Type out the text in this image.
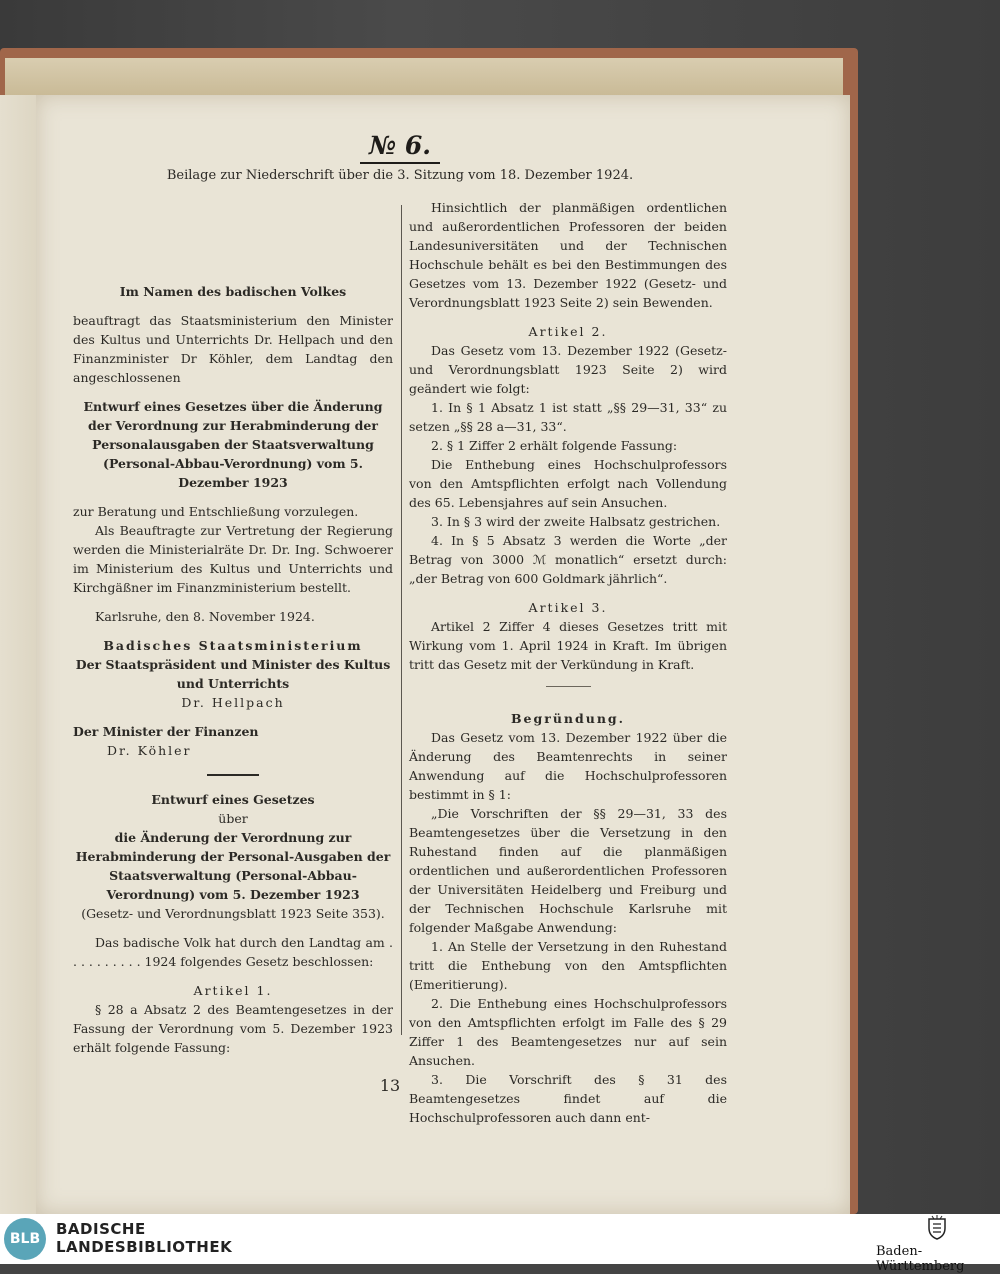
№ 6.
Beilage zur Niederschrift über die 3. Sitzung vom 18. Dezember 1924.

Im Namen des badischen Volkes

beauftragt das Staatsministerium den Minister des Kultus und Unterrichts Dr. Hellpach und den Finanzminister Dr Köhler, dem Landtag den angeschlossenen

Entwurf eines Gesetzes über die Änderung der Verordnung zur Herabminderung der Personalausgaben der Staatsverwaltung (Personal-Abbau-Verordnung) vom 5. Dezember 1923

zur Beratung und Entschließung vorzulegen.

Als Beauftragte zur Vertretung der Regierung werden die Ministerialräte Dr. Dr. Ing. Schwoerer im Ministerium des Kultus und Unterrichts und Kirchgäßner im Finanzministerium bestellt.

Karlsruhe, den 8. November 1924.

Badisches Staatsministerium

Der Staatspräsident und Minister des Kultus und Unterrichts

Dr. Hellpach

Der Minister der Finanzen

Dr. Köhler

Entwurf eines Gesetzes

über

die Änderung der Verordnung zur Herabminderung der Personal-Ausgaben der Staatsverwaltung (Personal-Abbau-Verordnung) vom 5. Dezember 1923

(Gesetz- und Verordnungsblatt 1923 Seite 353).

Das badische Volk hat durch den Landtag am . . . . . . . . . . 1924 folgendes Gesetz beschlossen:

Artikel 1.

§ 28 a Absatz 2 des Beamtengesetzes in der Fassung der Verordnung vom 5. Dezember 1923 erhält folgende Fassung:

Hinsichtlich der planmäßigen ordentlichen und außerordentlichen Professoren der beiden Landesuniversitäten und der Technischen Hochschule behält es bei den Bestimmungen des Gesetzes vom 13. Dezember 1922 (Gesetz- und Verordnungsblatt 1923 Seite 2) sein Bewenden.

Artikel 2.

Das Gesetz vom 13. Dezember 1922 (Gesetz- und Verordnungsblatt 1923 Seite 2) wird geändert wie folgt:

1. In § 1 Absatz 1 ist statt „§§ 29—31, 33“ zu setzen „§§ 28 a—31, 33“.

2. § 1 Ziffer 2 erhält folgende Fassung:

Die Enthebung eines Hochschulprofessors von den Amtspflichten erfolgt nach Vollendung des 65. Lebensjahres auf sein Ansuchen.

3. In § 3 wird der zweite Halbsatz gestrichen.

4. In § 5 Absatz 3 werden die Worte „der Betrag von 3000 ℳ monatlich“ ersetzt durch: „der Betrag von 600 Goldmark jährlich“.

Artikel 3.

Artikel 2 Ziffer 4 dieses Gesetzes tritt mit Wirkung vom 1. April 1924 in Kraft. Im übrigen tritt das Gesetz mit der Verkündung in Kraft.

Begründung.

Das Gesetz vom 13. Dezember 1922 über die Änderung des Beamtenrechts in seiner Anwendung auf die Hochschulprofessoren bestimmt in § 1:

„Die Vorschriften der §§ 29—31, 33 des Beamtengesetzes über die Versetzung in den Ruhestand finden auf die planmäßigen ordentlichen und außerordentlichen Professoren der Universitäten Heidelberg und Freiburg und der Technischen Hochschule Karlsruhe mit folgender Maßgabe Anwendung:

1. An Stelle der Versetzung in den Ruhestand tritt die Enthebung von den Amtspflichten (Emeritierung).

2. Die Enthebung eines Hochschulprofessors von den Amtspflichten erfolgt im Falle des § 29 Ziffer 1 des Beamtengesetzes nur auf sein Ansuchen.

3. Die Vorschrift des § 31 des Beamtengesetzes findet auf die Hochschulprofessoren auch dann ent-

13
BLB
BADISCHE
LANDESBIBLIOTHEK	Baden-Württemberg
